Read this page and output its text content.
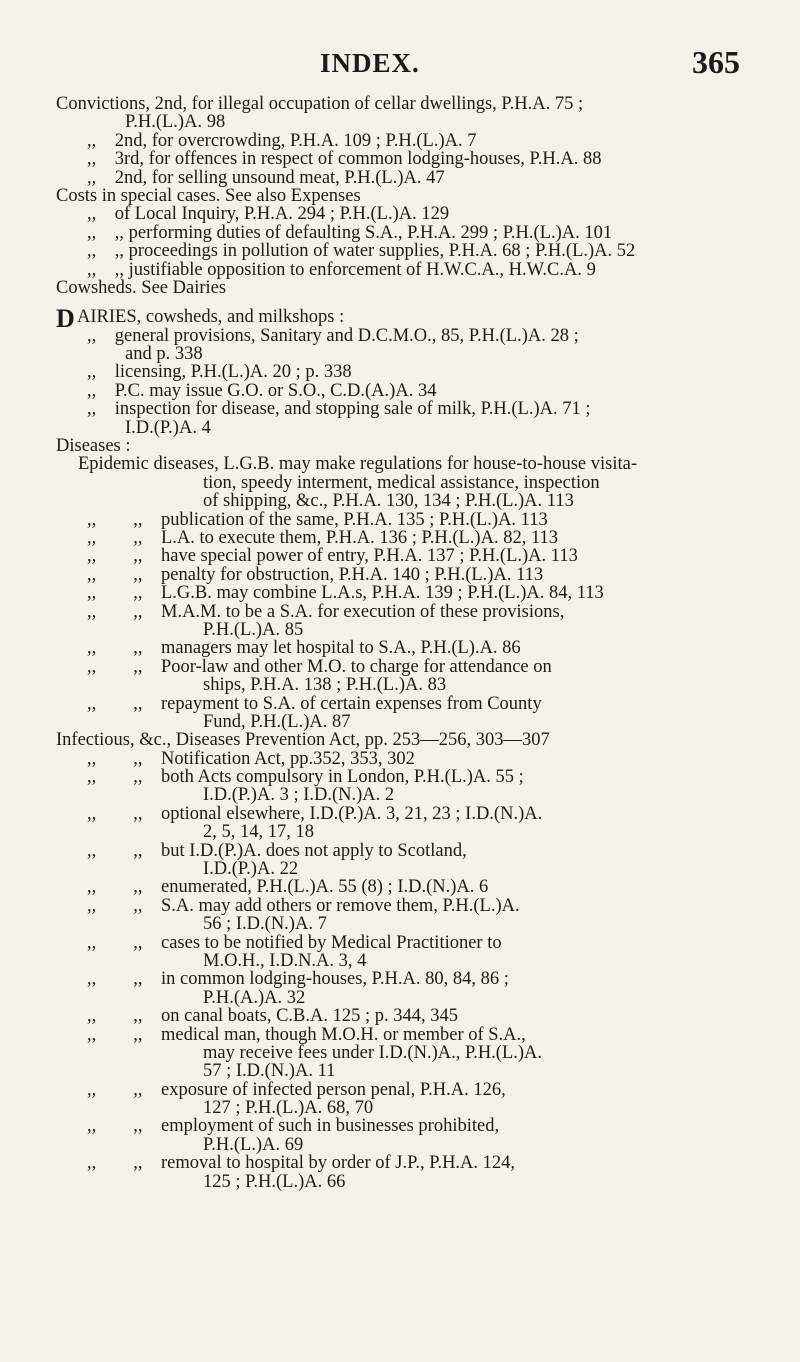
INDEX.	365
Convictions, 2nd, for illegal occupation of cellar dwellings, P.H.A. 75 ;
P.H.(L.)A. 98
,,    2nd, for overcrowding, P.H.A. 109 ; P.H.(L.)A. 7
,,    3rd, for offences in respect of common lodging-houses, P.H.A. 88
,,    2nd, for selling unsound meat, P.H.(L.)A. 47
Costs in special cases. See also Expenses
,,    of Local Inquiry, P.H.A. 294 ; P.H.(L.)A. 129
,,    ,, performing duties of defaulting S.A., P.H.A. 299 ; P.H.(L.)A. 101
,,    ,, proceedings in pollution of water supplies, P.H.A. 68 ; P.H.(L.)A. 52
,,    ,, justifiable opposition to enforcement of H.W.C.A., H.W.C.A. 9
Cowsheds. See Dairies
D AIRIES, cowsheds, and milkshops :
,,    general provisions, Sanitary and D.C.M.O., 85, P.H.(L.)A. 28 ;
and p. 338
,,    licensing, P.H.(L.)A. 20 ; p. 338
,,    P.C. may issue G.O. or S.O., C.D.(A.)A. 34
,,    inspection for disease, and stopping sale of milk, P.H.(L.)A. 71 ;
I.D.(P.)A. 4
Diseases :
Epidemic diseases, L.G.B. may make regulations for house-to-house visita-
tion, speedy interment, medical assistance, inspection
of shipping, &c., P.H.A. 130, 134 ; P.H.(L.)A. 113
,,        ,,    publication of the same, P.H.A. 135 ; P.H.(L.)A. 113
,,        ,,    L.A. to execute them, P.H.A. 136 ; P.H.(L.)A. 82, 113
,,        ,,    have special power of entry, P.H.A. 137 ; P.H.(L.)A. 113
,,        ,,    penalty for obstruction, P.H.A. 140 ; P.H.(L.)A. 113
,,        ,,    L.G.B. may combine L.A.s, P.H.A. 139 ; P.H.(L.)A. 84, 113
,,        ,,    M.A.M. to be a S.A. for execution of these provisions,
P.H.(L.)A. 85
,,        ,,    managers may let hospital to S.A., P.H.(L).A. 86
,,        ,,    Poor-law and other M.O. to charge for attendance on
ships, P.H.A. 138 ; P.H.(L.)A. 83
,,        ,,    repayment to S.A. of certain expenses from County
Fund, P.H.(L.)A. 87
Infectious, &c., Diseases Prevention Act, pp. 253—256, 303—307
,,        ,,    Notification Act, pp.352, 353, 302
,,        ,,    both Acts compulsory in London, P.H.(L.)A. 55 ;
I.D.(P.)A. 3 ; I.D.(N.)A. 2
,,        ,,    optional elsewhere, I.D.(P.)A. 3, 21, 23 ; I.D.(N.)A.
2, 5, 14, 17, 18
,,        ,,    but I.D.(P.)A. does not apply to Scotland,
I.D.(P.)A. 22
,,        ,,    enumerated, P.H.(L.)A. 55 (8) ; I.D.(N.)A. 6
,,        ,,    S.A. may add others or remove them, P.H.(L.)A.
56 ; I.D.(N.)A. 7
,,        ,,    cases to be notified by Medical Practitioner to
M.O.H., I.D.N.A. 3, 4
,,        ,,    in common lodging-houses, P.H.A. 80, 84, 86 ;
P.H.(A.)A. 32
,,        ,,    on canal boats, C.B.A. 125 ; p. 344, 345
,,        ,,    medical man, though M.O.H. or member of S.A.,
may receive fees under I.D.(N.)A., P.H.(L.)A.
57 ; I.D.(N.)A. 11
,,        ,,    exposure of infected person penal, P.H.A. 126,
127 ; P.H.(L.)A. 68, 70
,,        ,,    employment of such in businesses prohibited,
P.H.(L.)A. 69
,,        ,,    removal to hospital by order of J.P., P.H.A. 124,
125 ; P.H.(L.)A. 66
